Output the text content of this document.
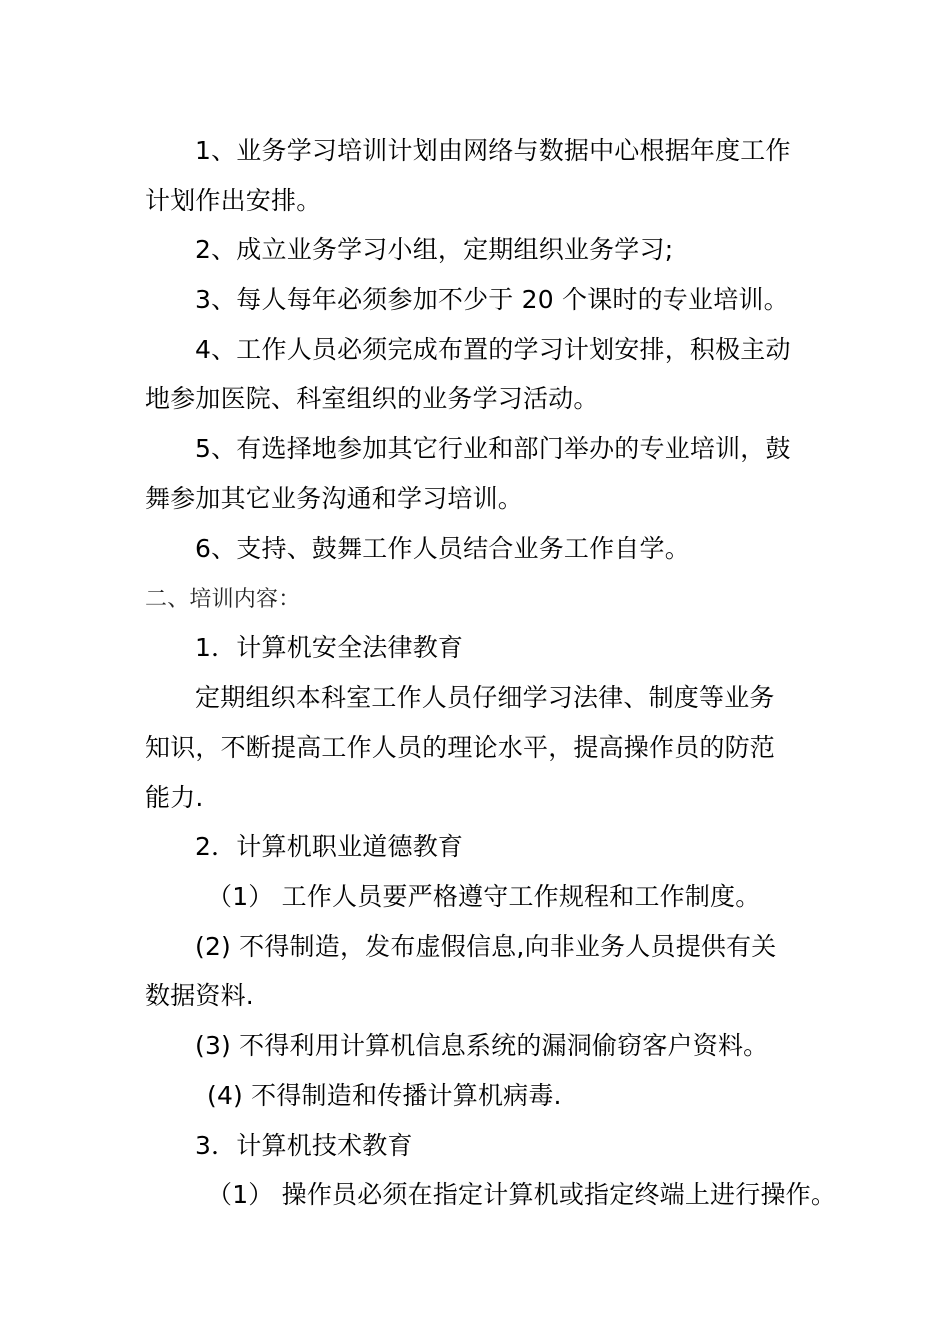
1、业务学习培训计划由网络与数据中心根据年度工作
计划作出安排。
2、成立业务学习小组，定期组织业务学习;
3、每人每年必须参加不少于 20 个课时的专业培训。
4、工作人员必须完成布置的学习计划安排，积极主动
地参加医院、科室组织的业务学习活动。
5、有选择地参加其它行业和部门举办的专业培训，鼓
舞参加其它业务沟通和学习培训。
6、支持、鼓舞工作人员结合业务工作自学。
二、培训内容：
1．计算机安全法律教育
定期组织本科室工作人员仔细学习法律、制度等业务
知识，不断提高工作人员的理论水平，提高操作员的防范
能力.
2．计算机职业道德教育
（1） 工作人员要严格遵守工作规程和工作制度。
(2) 不得制造，发布虚假信息,向非业务人员提供有关
数据资料.
(3) 不得利用计算机信息系统的漏洞偷窃客户资料。
(4) 不得制造和传播计算机病毒.
3．计算机技术教育
（1） 操作员必须在指定计算机或指定终端上进行操作。
